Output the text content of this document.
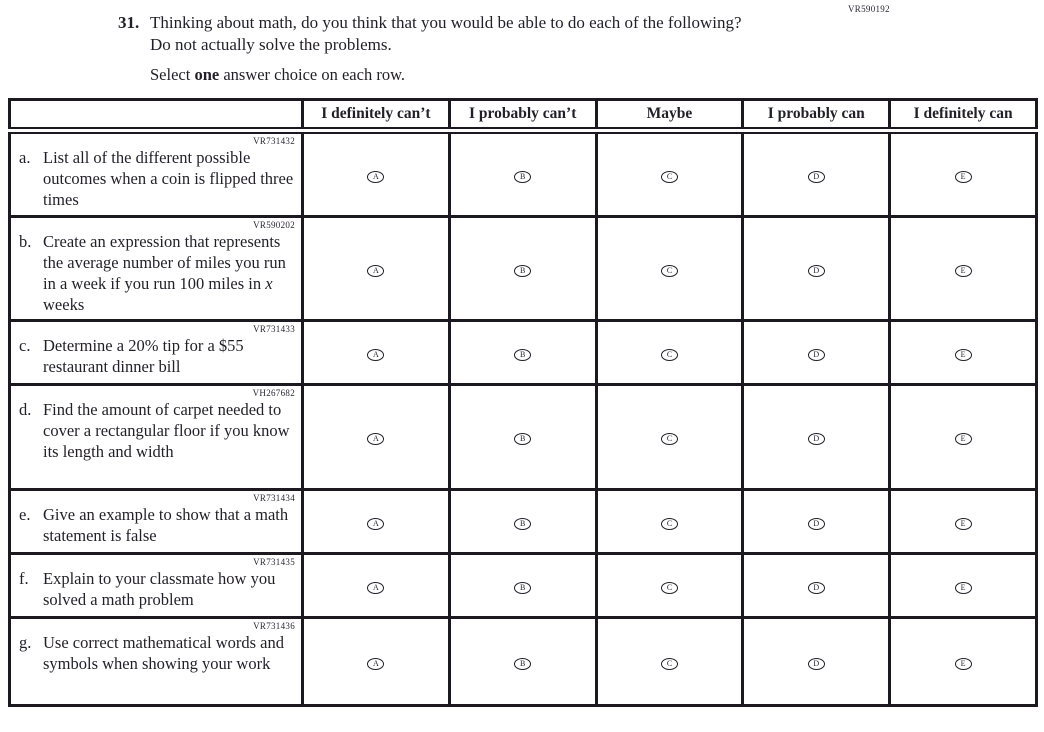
VR590192
31. Thinking about math, do you think that you would be able to do each of the following?
Do not actually solve the problems.
Select one answer choice on each row.
	I definitely can’t	I probably can’t	Maybe	I probably can	I definitely can

VR731432
a. List all of the different possible outcomes when a coin is flipped three times	A	B	C	D	E

VR590202
b. Create an expression that represents the average number of miles you run in a week if you run 100 miles in x weeks	A	B	C	D	E

VR731433
c. Determine a 20% tip for a $55 restaurant dinner bill	A	B	C	D	E

VH267682
d. Find the amount of carpet needed to cover a rectangular floor if you know its length and width	A	B	C	D	E

VR731434
e. Give an example to show that a math statement is false	A	B	C	D	E

VR731435
f. Explain to your classmate how you solved a math problem	A	B	C	D	E

VR731436
g. Use correct mathematical words and symbols when showing your work	A	B	C	D	E
